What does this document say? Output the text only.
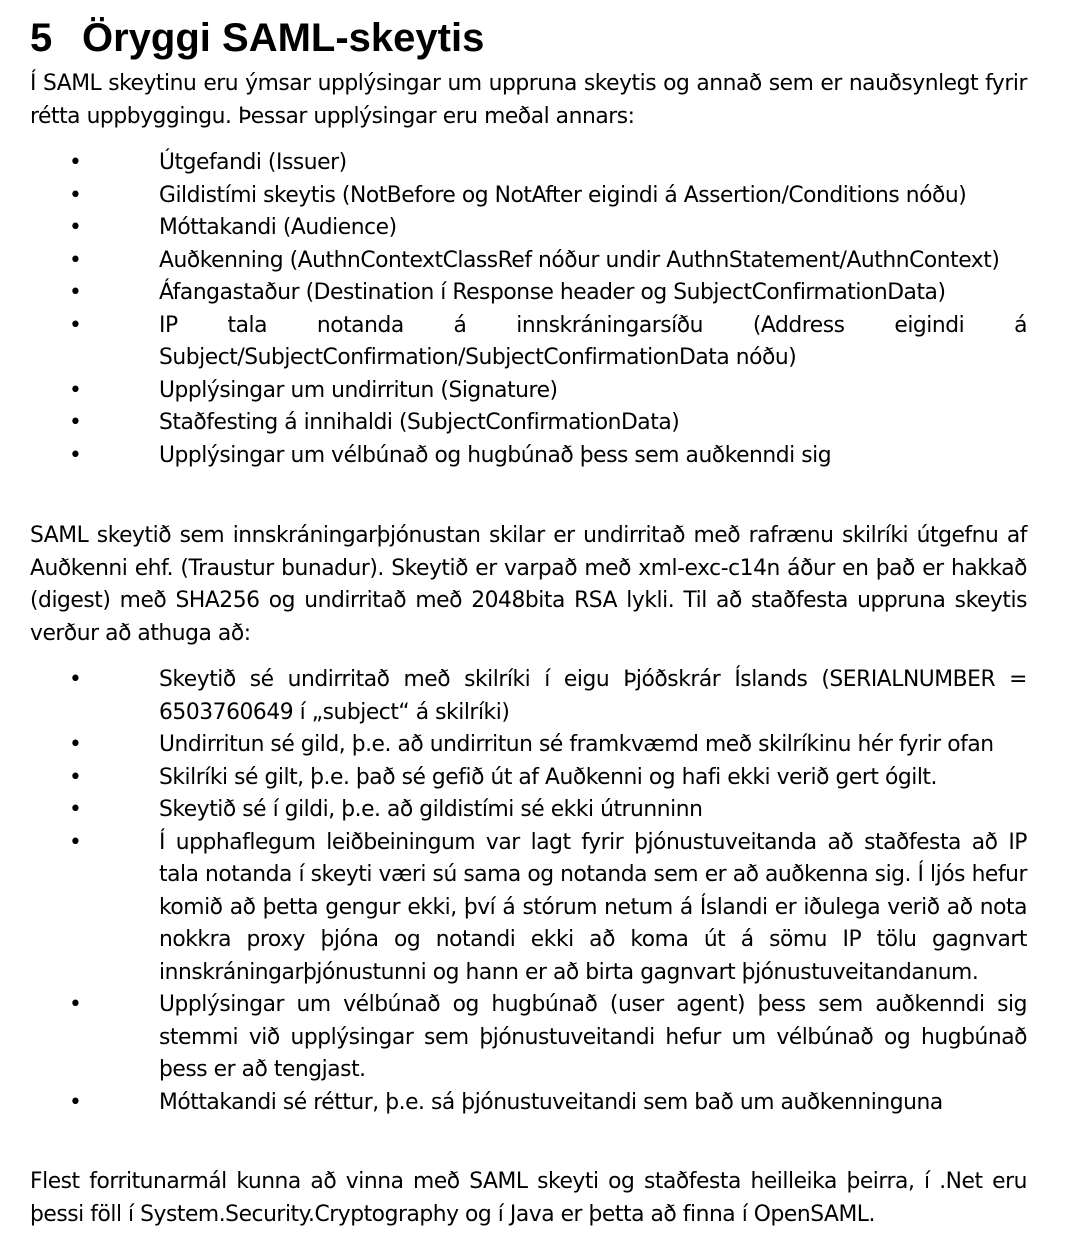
5 Öryggi SAML-skeytis

Í SAML skeytinu eru ýmsar upplýsingar um uppruna skeytis og annað sem er nauðsynlegt fyrir rétta uppbyggingu. Þessar upplýsingar eru meðal annars:

•	Útgefandi (Issuer)
•	Gildistími skeytis (NotBefore og NotAfter eigindi á Assertion/Conditions nóðu)
•	Móttakandi (Audience)
•	Auðkenning (AuthnContextClassRef nóður undir AuthnStatement/AuthnContext)
•	Áfangastaður (Destination í Response header og SubjectConfirmationData)
•	IP tala notanda á innskráningarsíðu (Address eigindi á Subject/SubjectConfirmation/SubjectConfirmationData nóðu)
•	Upplýsingar um undirritun (Signature)
•	Staðfesting á innihaldi (SubjectConfirmationData)
•	Upplýsingar um vélbúnað og hugbúnað þess sem auðkenndi sig

SAML skeytið sem innskráningarþjónustan skilar er undirritað með rafrænu skilríki útgefnu af Auðkenni ehf. (Traustur bunadur). Skeytið er varpað með xml-exc-c14n áður en það er hakkað (digest) með SHA256 og undirritað með 2048bita RSA lykli. Til að staðfesta uppruna skeytis verður að athuga að:

•	Skeytið sé undirritað með skilríki í eigu Þjóðskrár Íslands (SERIALNUMBER = 6503760649 í „subject“ á skilríki)
•	Undirritun sé gild, þ.e. að undirritun sé framkvæmd með skilríkinu hér fyrir ofan
•	Skilríki sé gilt, þ.e. það sé gefið út af Auðkenni og hafi ekki verið gert ógilt.
•	Skeytið sé í gildi, þ.e. að gildistími sé ekki útrunninn
•	Í upphaflegum leiðbeiningum var lagt fyrir þjónustuveitanda að staðfesta að IP tala notanda í skeyti væri sú sama og notanda sem er að auðkenna sig. Í ljós hefur komið að þetta gengur ekki, því á stórum netum á Íslandi er iðulega verið að nota nokkra proxy þjóna og notandi ekki að koma út á sömu IP tölu gagnvart innskráningarþjónustunni og hann er að birta gagnvart þjónustuveitandanum.
•	Upplýsingar um vélbúnað og hugbúnað (user agent) þess sem auðkenndi sig stemmi við upplýsingar sem þjónustuveitandi hefur um vélbúnað og hugbúnað þess er að tengjast.
•	Móttakandi sé réttur, þ.e. sá þjónustuveitandi sem bað um auðkenninguna

Flest forritunarmál kunna að vinna með SAML skeyti og staðfesta heilleika þeirra, í .Net eru þessi föll í System.Security.Cryptography og í Java er þetta að finna í OpenSAML.
